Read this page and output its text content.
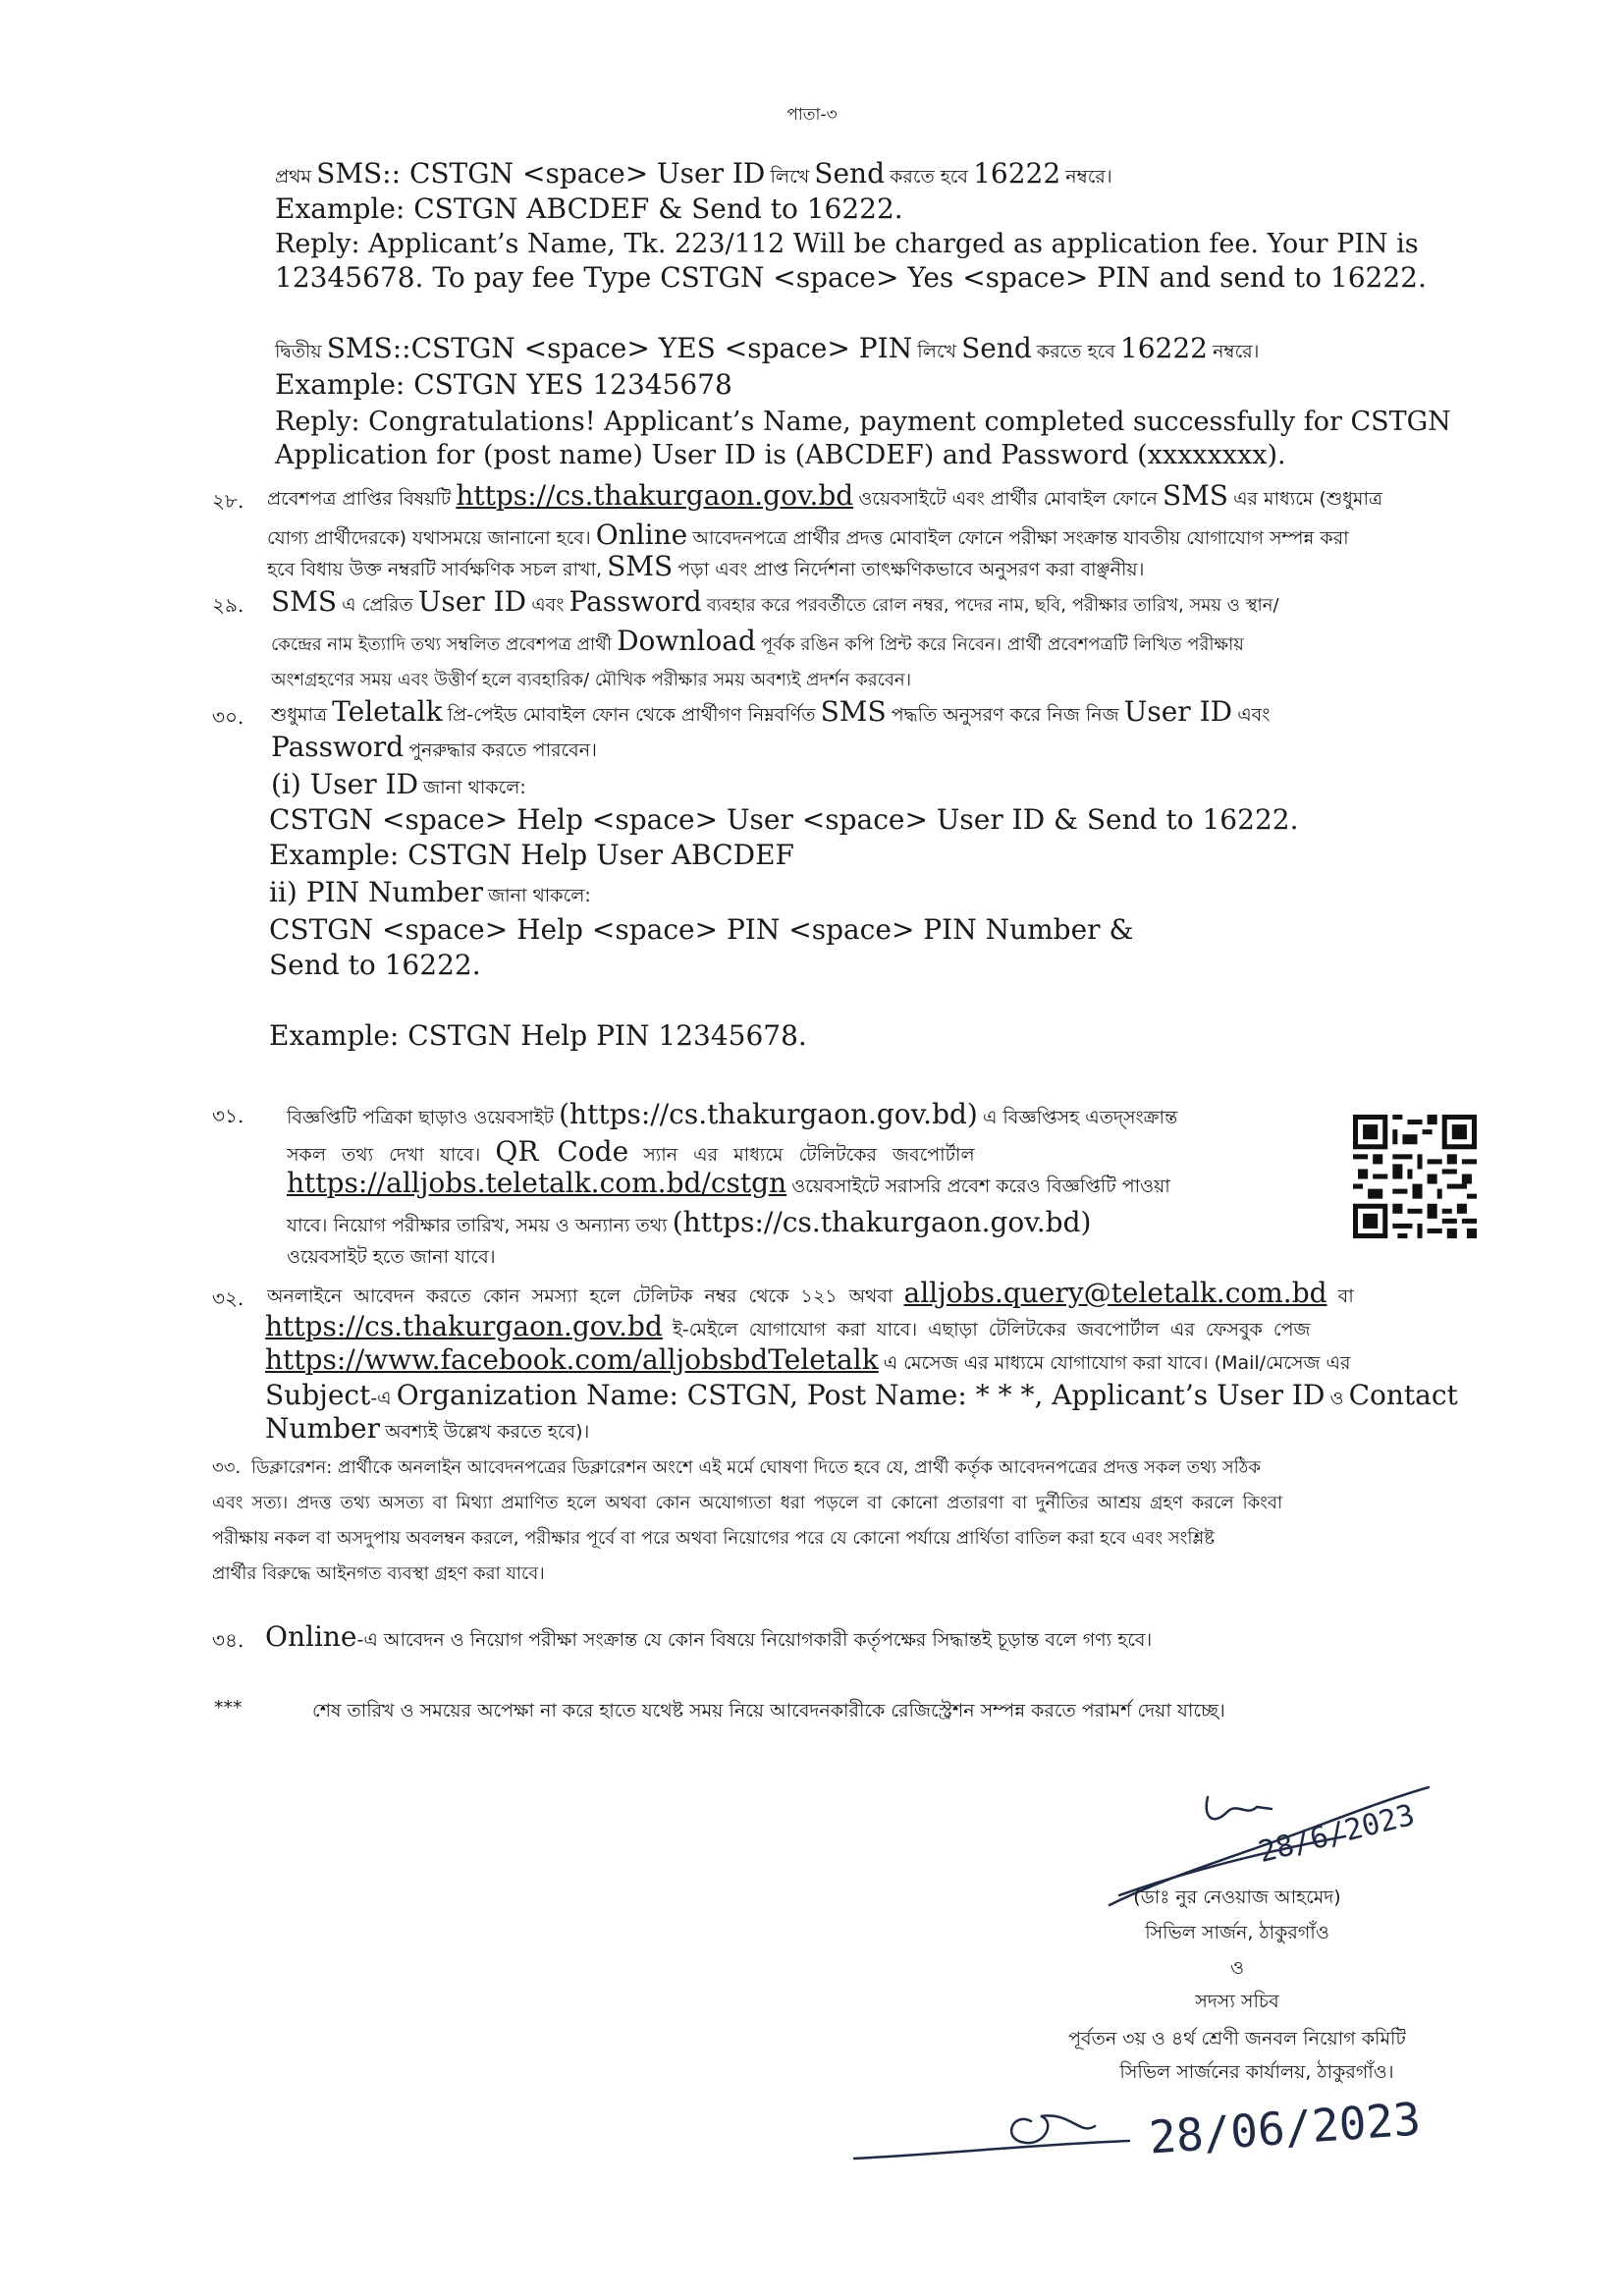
পাতা-৩
প্রথম SMS:: CSTGN <space> User ID লিখে Send করতে হবে 16222 নম্বরে।
Example: CSTGN ABCDEF & Send to 16222.
Reply: Applicant’s Name, Tk. 223/112 Will be charged as application fee. Your PIN is
12345678. To pay fee Type CSTGN <space> Yes <space> PIN and send to 16222.
দ্বিতীয় SMS::CSTGN <space> YES <space> PIN লিখে Send করতে হবে 16222 নম্বরে।
Example: CSTGN YES 12345678
Reply: Congratulations! Applicant’s Name, payment completed successfully for CSTGN
Application for (post name) User ID is (ABCDEF) and Password (xxxxxxxx).
২৮. প্রবেশপত্র প্রাপ্তির বিষয়টি https://cs.thakurgaon.gov.bd ওয়েবসাইটে এবং প্রার্থীর মোবাইল ফোনে SMS এর মাধ্যমে (শুধুমাত্র
যোগ্য প্রার্থীদেরকে) যথাসময়ে জানানো হবে। Online আবেদনপত্রে প্রার্থীর প্রদত্ত মোবাইল ফোনে পরীক্ষা সংক্রান্ত যাবতীয় যোগাযোগ সম্পন্ন করা
হবে বিধায় উক্ত নম্বরটি সার্বক্ষণিক সচল রাখা, SMS পড়া এবং প্রাপ্ত নির্দেশনা তাৎক্ষণিকভাবে অনুসরণ করা বাঞ্ছনীয়।
২৯. SMS এ প্রেরিত User ID এবং Password ব্যবহার করে পরবর্তীতে রোল নম্বর, পদের নাম, ছবি, পরীক্ষার তারিখ, সময় ও স্থান/
কেন্দ্রের নাম ইত্যাদি তথ্য সম্বলিত প্রবেশপত্র প্রার্থী Download পূর্বক রঙিন কপি প্রিন্ট করে নিবেন। প্রার্থী প্রবেশপত্রটি লিখিত পরীক্ষায়
অংশগ্রহণের সময় এবং উত্তীর্ণ হলে ব্যবহারিক/ মৌখিক পরীক্ষার সময় অবশ্যই প্রদর্শন করবেন।
৩০. শুধুমাত্র Teletalk প্রি-পেইড মোবাইল ফোন থেকে প্রার্থীগণ নিম্নবর্ণিত SMS পদ্ধতি অনুসরণ করে নিজ নিজ User ID এবং
Password পুনরুদ্ধার করতে পারবেন।
(i) User ID জানা থাকলে:
CSTGN <space> Help <space> User <space> User ID & Send to 16222.
Example: CSTGN Help User ABCDEF
ii) PIN Number জানা থাকলে:
CSTGN <space> Help <space> PIN <space> PIN Number &
Send to 16222.
Example: CSTGN Help PIN 12345678.
৩১. বিজ্ঞপ্তিটি পত্রিকা ছাড়াও ওয়েবসাইট (https://cs.thakurgaon.gov.bd) এ বিজ্ঞপ্তিসহ এতদ্‌সংক্রান্ত
সকল তথ্য দেখা যাবে। QR Code স্যান এর মাধ্যমে টেলিটকের জবপোর্টাল
https://alljobs.teletalk.com.bd/cstgn ওয়েবসাইটে সরাসরি প্রবেশ করেও বিজ্ঞপ্তিটি পাওয়া
যাবে। নিয়োগ পরীক্ষার তারিখ, সময় ও অন্যান্য তথ্য (https://cs.thakurgaon.gov.bd)
ওয়েবসাইট হতে জানা যাবে।
৩২. অনলাইনে আবেদন করতে কোন সমস্যা হলে টেলিটক নম্বর থেকে ১২১ অথবা alljobs.query@teletalk.com.bd বা
https://cs.thakurgaon.gov.bd ই-মেইলে যোগাযোগ করা যাবে। এছাড়া টেলিটকের জবপোর্টাল এর ফেসবুক পেজ
https://www.facebook.com/alljobsbdTeletalk এ মেসেজ এর মাধ্যমে যোগাযোগ করা যাবে। (Mail/মেসেজ এর
Subject-এ Organization Name: CSTGN, Post Name: * * *, Applicant’s User ID ও Contact
Number অবশ্যই উল্লেখ করতে হবে)।
৩৩. ডিক্লারেশন: প্রার্থীকে অনলাইন আবেদনপত্রের ডিক্লারেশন অংশে এই মর্মে ঘোষণা দিতে হবে যে, প্রার্থী কর্তৃক আবেদনপত্রের প্রদত্ত সকল তথ্য সঠিক
এবং সত্য। প্রদত্ত তথ্য অসত্য বা মিথ্যা প্রমাণিত হলে অথবা কোন অযোগ্যতা ধরা পড়লে বা কোনো প্রতারণা বা দুর্নীতির আশ্রয় গ্রহণ করলে কিংবা
পরীক্ষায় নকল বা অসদুপায় অবলম্বন করলে, পরীক্ষার পূর্বে বা পরে অথবা নিয়োগের পরে যে কোনো পর্যায়ে প্রার্থিতা বাতিল করা হবে এবং সংশ্লিষ্ট
প্রার্থীর বিরুদ্ধে আইনগত ব্যবস্থা গ্রহণ করা যাবে।
৩৪. Online-এ আবেদন ও নিয়োগ পরীক্ষা সংক্রান্ত যে কোন বিষয়ে নিয়োগকারী কর্তৃপক্ষের সিদ্ধান্তই চূড়ান্ত বলে গণ্য হবে।
***	শেষ তারিখ ও সময়ের অপেক্ষা না করে হাতে যথেষ্ট সময় নিয়ে আবেদনকারীকে রেজিস্ট্রেশন সম্পন্ন করতে পরামর্শ দেয়া যাচ্ছে।
28/6/2023
(ডাঃ নুর নেওয়াজ আহমেদ)
সিভিল সার্জন, ঠাকুরগাঁও
ও
সদস্য সচিব
পূর্বতন ৩য় ও ৪র্থ শ্রেণী জনবল নিয়োগ কমিটি
সিভিল সার্জনের কার্যালয়, ঠাকুরগাঁও।
28/06/2023
